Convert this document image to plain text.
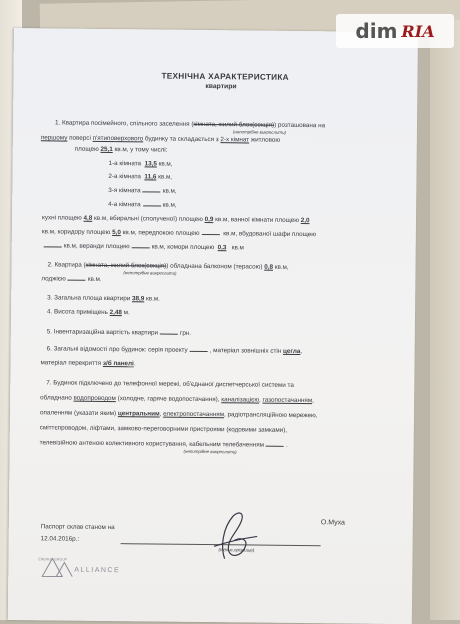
ТЕХНІЧНА ХАРАКТЕРИСТИКА
квартири
1. Квартира посімейного, спільного заселення (кімната, жилий блок(секція)) розташована на
(непотрібне викреслити)
першому поверсі п'ятиповерхового будинку та складається з 2-х кімнат житловою
площею 25,1 кв.м, у тому числі:
1-а кімната 13,5 кв.м,
2-а кімната 11,6 кв.м,
3-я кімната	кв.м,
4-а кімната	кв.м,
кухні площею 4,8 кв.м, вбиральні (сполученої) площею 0,9 кв.м, ванної кімнати площею 2,0
кв.м, коридору площею 5,0 кв.м, передпокою площею	кв.м, вбудованої шафи площею
кв.м, веранди площею	кв.м, комори площею 0,3 кв.м
2. Квартира (кімната, жилий блок(секція)) обладнана балконом (терасою) 0,8 кв.м,
(непотрібне викреслити)
лоджією	кв.м.
3. Загальна площа квартири 38,9 кв.м.
4. Висота приміщень 2,48 м.
5. Інвентаризаційна вартість квартири	грн.
6. Загальні відомості про будинок: серія проекту	, матеріал зовнішніх стін цегла,
матеріал перекриття з/б панелі.
7. Будинок підключено до телефонної мережі, об'єднаної диспетчерської системи та
обладнано водопроводом (холодне, гаряче водопостачання), каналізацією, газопостачанням,
опаленням (указати яким) центральним, електропостачанням, радіотрансляційною мережею,
сміттєпроводом, ліфтами, замково-переговорними пристроями (кодовими замками),
телевізійною антеною колективного користування, кабельним телебаченням	.
(непотрібне викреслити)
Паспорт склав станом на
12.04.2016р.:
(підпис,прізвище)
О.Муха
ENERGY GROUP
ALLIANCE
dim RIA
